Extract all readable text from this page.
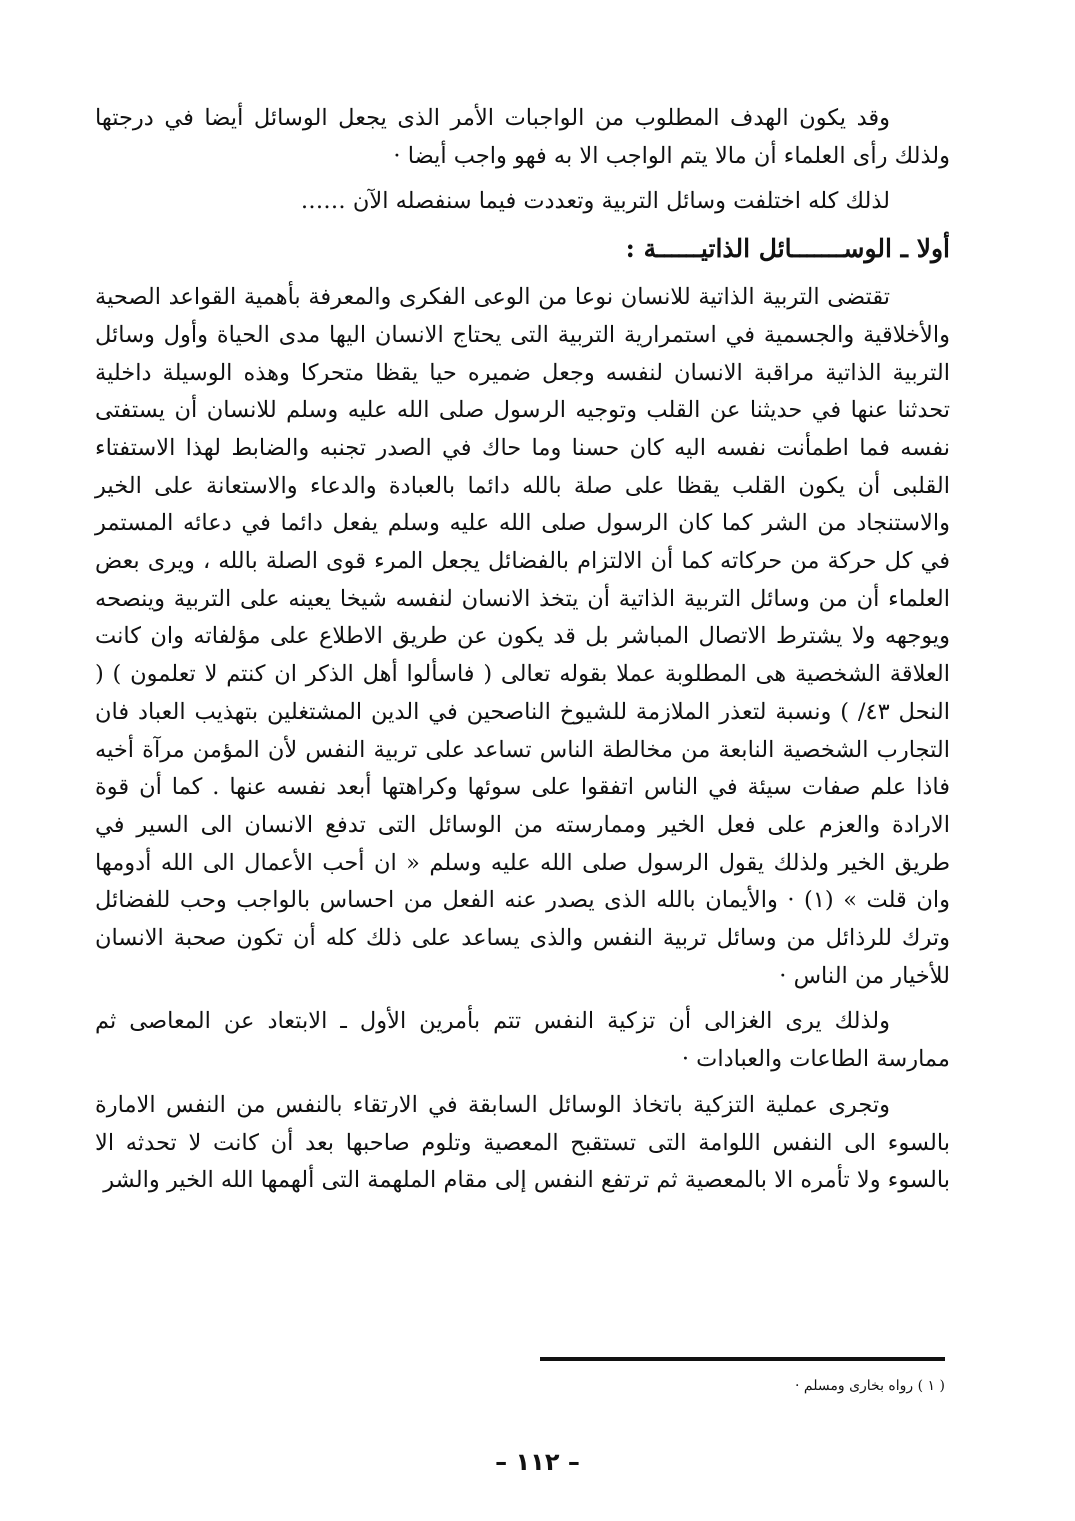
وقد يكون الهدف المطلوب من الواجبات الأمر الذى يجعل الوسائل أيضا في درجتها ولذلك رأى العلماء أن مالا يتم الواجب الا به فهو واجب أيضا ·

لذلك كله اختلفت وسائل التربية وتعددت فيما سنفصله الآن ……

أولا ـ الوســـــــائل الذاتيــــــة :

تقتضى التربية الذاتية للانسان نوعا من الوعى الفكرى والمعرفة بأهمية القواعد الصحية والأخلاقية والجسمية في استمرارية التربية التى يحتاج الانسان اليها مدى الحياة وأول وسائل التربية الذاتية مراقبة الانسان لنفسه وجعل ضميره حيا يقظا متحركا وهذه الوسيلة داخلية تحدثنا عنها في حديثنا عن القلب وتوجيه الرسول صلى الله عليه وسلم للانسان أن يستفتى نفسه فما اطمأنت نفسه اليه كان حسنا وما حاك في الصدر تجنبه والضابط لهذا الاستفتاء القلبى أن يكون القلب يقظا على صلة بالله دائما بالعبادة والدعاء والاستعانة على الخير والاستنجاد من الشر كما كان الرسول صلى الله عليه وسلم يفعل دائما في دعائه المستمر في كل حركة من حركاته كما أن الالتزام بالفضائل يجعل المرء قوى الصلة بالله ، ويرى بعض العلماء أن من وسائل التربية الذاتية أن يتخذ الانسان لنفسه شيخا يعينه على التربية وينصحه ويوجهه ولا يشترط الاتصال المباشر بل قد يكون عن طريق الاطلاع على مؤلفاته وان كانت العلاقة الشخصية هى المطلوبة عملا بقوله تعالى ( فاسألوا أهل الذكر ان كنتم لا تعلمون ) ( النحل ٤٣/ ) ونسبة لتعذر الملازمة للشيوخ الناصحين في الدين المشتغلين بتهذيب العباد فان التجارب الشخصية النابعة من مخالطة الناس تساعد على تربية النفس لأن المؤمن مرآة أخيه فاذا علم صفات سيئة في الناس اتفقوا على سوئها وكراهتها أبعد نفسه عنها . كما أن قوة الارادة والعزم على فعل الخير وممارسته من الوسائل التى تدفع الانسان الى السير في طريق الخير ولذلك يقول الرسول صلى الله عليه وسلم « ان أحب الأعمال الى الله أدومها وان قلت » (١) · والأيمان بالله الذى يصدر عنه الفعل من احساس بالواجب وحب للفضائل وترك للرذائل من وسائل تربية النفس والذى يساعد على ذلك كله أن تكون صحبة الانسان للأخيار من الناس ·

ولذلك يرى الغزالى أن تزكية النفس تتم بأمرين الأول ـ الابتعاد عن المعاصى ثم ممارسة الطاعات والعبادات ·

وتجرى عملية التزكية باتخاذ الوسائل السابقة في الارتقاء بالنفس من النفس الامارة بالسوء الى النفس اللوامة التى تستقبح المعصية وتلوم صاحبها بعد أن كانت لا تحدثه الا بالسوء ولا تأمره الا بالمعصية ثم ترتفع النفس إلى مقام الملهمة التى ألهمها الله الخير والشر

( ١ ) رواه بخارى ومسلم ·
– ١١٢ –
